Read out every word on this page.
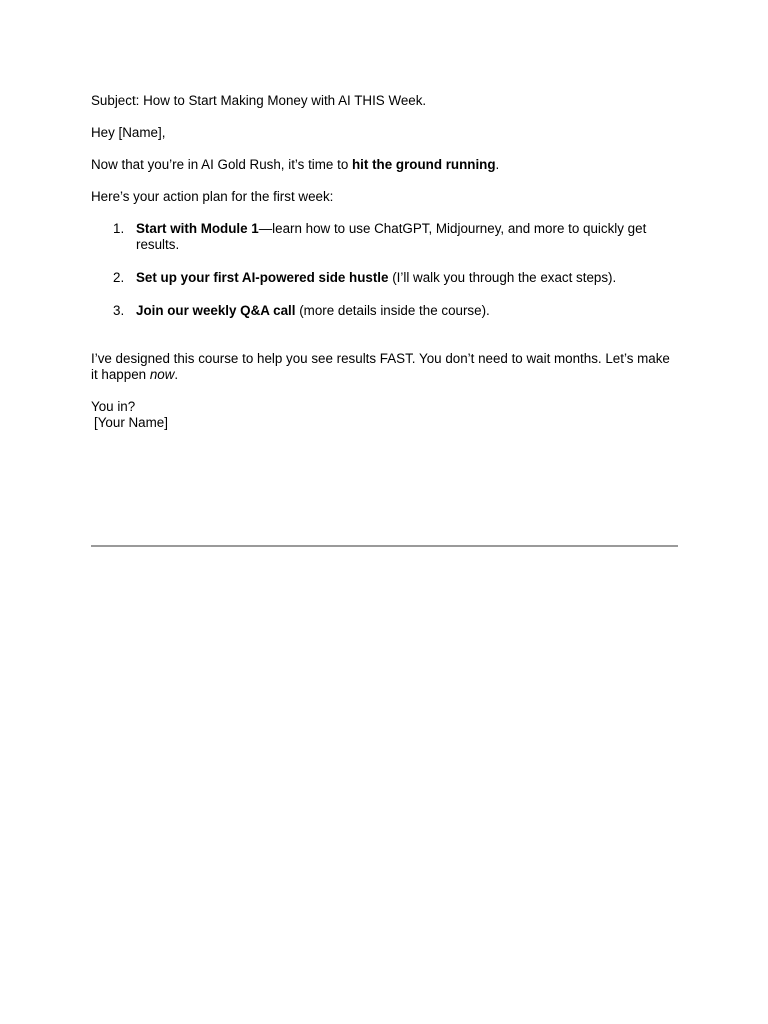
Subject: How to Start Making Money with AI THIS Week.

Hey [Name],

Now that you’re in AI Gold Rush, it’s time to hit the ground running.

Here’s your action plan for the first week:

1. Start with Module 1—learn how to use ChatGPT, Midjourney, and more to quickly get results.
2. Set up your first AI-powered side hustle (I’ll walk you through the exact steps).
3. Join our weekly Q&A call (more details inside the course).

I’ve designed this course to help you see results FAST. You don’t need to wait months. Let’s make it happen now.

You in?

[Your Name]
